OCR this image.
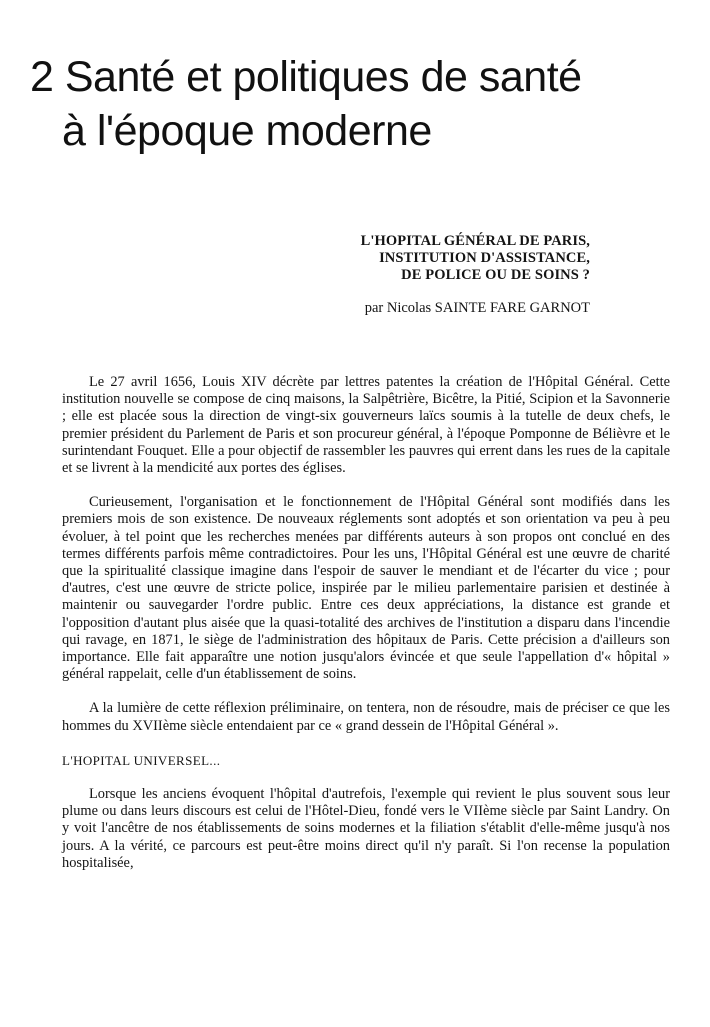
2 Santé et politiques de santé
à l'époque moderne
L'HOPITAL GÉNÉRAL DE PARIS,
INSTITUTION D'ASSISTANCE,
DE POLICE OU DE SOINS ?

par Nicolas SAINTE FARE GARNOT

Le 27 avril 1656, Louis XIV décrète par lettres patentes la création de l'Hôpital Général. Cette institution nouvelle se compose de cinq maisons, la Salpêtrière, Bicêtre, la Pitié, Scipion et la Savonnerie ; elle est placée sous la direction de vingt-six gouverneurs laïcs soumis à la tutelle de deux chefs, le premier président du Parlement de Paris et son procureur général, à l'époque Pomponne de Bélièvre et le surintendant Fouquet. Elle a pour objectif de rassembler les pauvres qui errent dans les rues de la capitale et se livrent à la mendicité aux portes des églises.

Curieusement, l'organisation et le fonctionnement de l'Hôpital Général sont modifiés dans les premiers mois de son existence. De nouveaux réglements sont adoptés et son orientation va peu à peu évoluer, à tel point que les recherches menées par différents auteurs à son propos ont conclué en des termes différents parfois même contradictoires. Pour les uns, l'Hôpital Général est une œuvre de charité que la spiritualité classique imagine dans l'espoir de sauver le mendiant et de l'écarter du vice ; pour d'autres, c'est une œuvre de stricte police, inspirée par le milieu parlementaire parisien et destinée à maintenir ou sauvegarder l'ordre public. Entre ces deux appréciations, la distance est grande et l'opposition d'autant plus aisée que la quasi-totalité des archives de l'institution a disparu dans l'incendie qui ravage, en 1871, le siège de l'administration des hôpitaux de Paris. Cette précision a d'ailleurs son importance. Elle fait apparaître une notion jusqu'alors évincée et que seule l'appellation d'« hôpital » général rappelait, celle d'un établissement de soins.

A la lumière de cette réflexion préliminaire, on tentera, non de résoudre, mais de préciser ce que les hommes du XVIIème siècle entendaient par ce « grand dessein de l'Hôpital Général ».

L'HOPITAL UNIVERSEL...

Lorsque les anciens évoquent l'hôpital d'autrefois, l'exemple qui revient le plus souvent sous leur plume ou dans leurs discours est celui de l'Hôtel-Dieu, fondé vers le VIIème siècle par Saint Landry. On y voit l'ancêtre de nos établissements de soins modernes et la filiation s'établit d'elle-même jusqu'à nos jours. A la vérité, ce parcours est peut-être moins direct qu'il n'y paraît. Si l'on recense la population hospitalisée,
